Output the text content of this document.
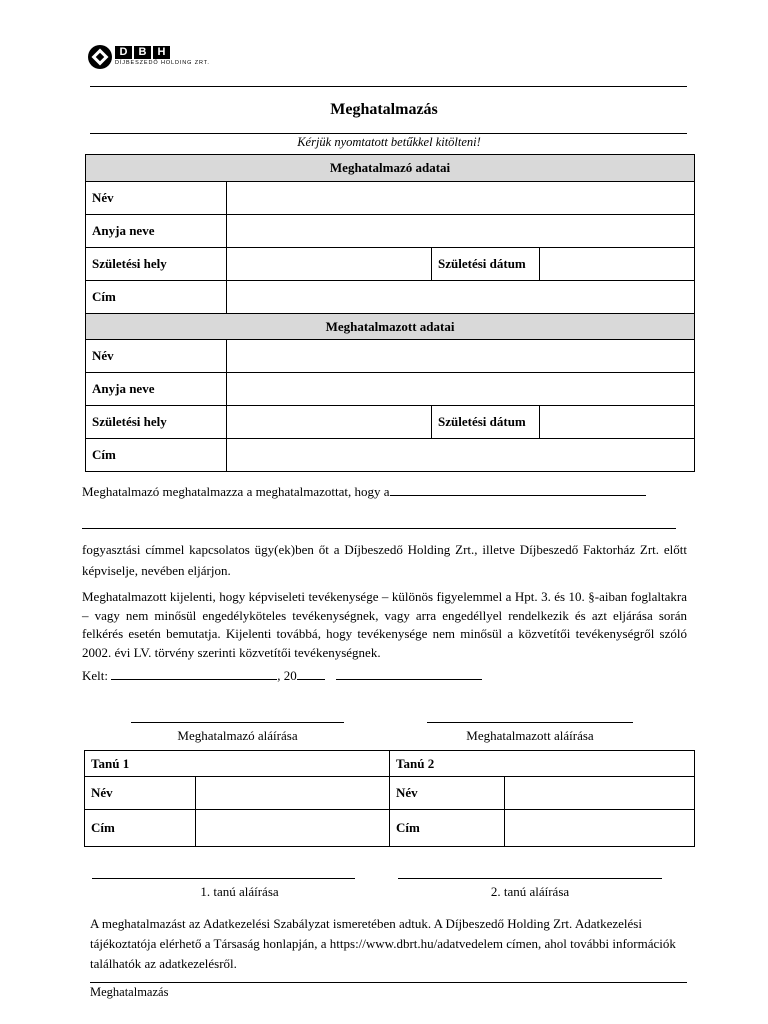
D	B	H
DÍJBESZEDŐ HOLDING ZRT.
Meghatalmazás
Kérjük nyomtatott betűkkel kitölteni!
Meghatalmazó adatai			
Név			
Anyja neve			
Születési hely		Születési dátum	
Cím			
Meghatalmazott adatai			
Név			
Anyja neve			
Születési hely		Születési dátum	
Cím			
Meghatalmazó meghatalmazza a meghatalmazottat, hogy a
fogyasztási címmel kapcsolatos ügy(ek)ben őt a Díjbeszedő Holding Zrt., illetve Díjbeszedő Faktorház Zrt. előtt képviselje, nevében eljárjon.
Meghatalmazott kijelenti, hogy képviseleti tevékenysége – különös figyelemmel a Hpt. 3. és 10. §-aiban foglaltakra – vagy nem minősül engedélyköteles tevékenységnek, vagy arra engedéllyel rendelkezik és azt eljárása során felkérés esetén bemutatja. Kijelenti továbbá, hogy tevékenysége nem minősül a közvetítői tevékenységről szóló 2002. évi LV. törvény szerinti közvetítői tevékenységnek.
Kelt:	, 20
Meghatalmazó aláírása	Meghatalmazott aláírása
Tanú 1		Tanú 2	
Név		Név	
Cím		Cím	
1. tanú aláírása	2. tanú aláírása
A meghatalmazást az Adatkezelési Szabályzat ismeretében adtuk. A Díjbeszedő Holding Zrt. Adatkezelési tájékoztatója elérhető a Társaság honlapján, a https://www.dbrt.hu/adatvedelem címen, ahol további információk találhatók az adatkezelésről.
Meghatalmazás
